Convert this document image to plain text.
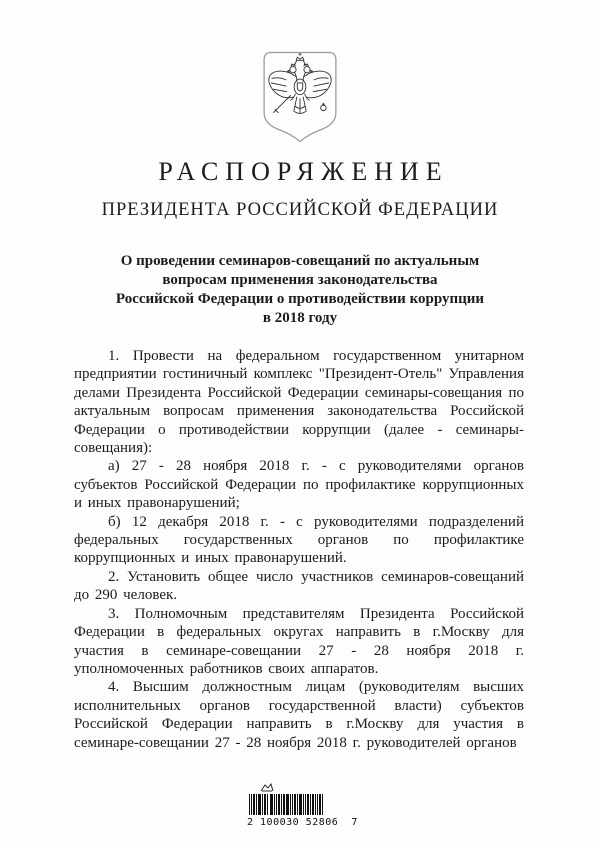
РАСПОРЯЖЕНИЕ
ПРЕЗИДЕНТА РОССИЙСКОЙ ФЕДЕРАЦИИ
О проведении семинаров-совещаний по актуальным
вопросам применения законодательства
Российской Федерации о противодействии коррупции
в 2018 году

1. Провести на федеральном государственном унитарном предприятии гостиничный комплекс "Президент-Отель" Управления делами Президента Российской Федерации семинары-совещания по актуальным вопросам применения законодательства Российской Федерации о противодействии коррупции (далее - семинары-совещания):

а) 27 - 28 ноября 2018 г. - с руководителями органов субъектов Российской Федерации по профилактике коррупционных и иных правонарушений;

б) 12 декабря 2018 г. - с руководителями подразделений федеральных государственных органов по профилактике коррупционных и иных правонарушений.

2. Установить общее число участников семинаров-совещаний до 290 человек.

3. Полномочным представителям Президента Российской Федерации в федеральных округах направить в г.Москву для участия в семинаре-совещании 27 - 28 ноября 2018 г. уполномоченных работников своих аппаратов.

4. Высшим должностным лицам (руководителям высших исполнительных органов государственной власти) субъектов Российской Федерации направить в г.Москву для участия в семинаре-совещании 27 - 28 ноября 2018 г. руководителей органов

2 100030 52806  7
